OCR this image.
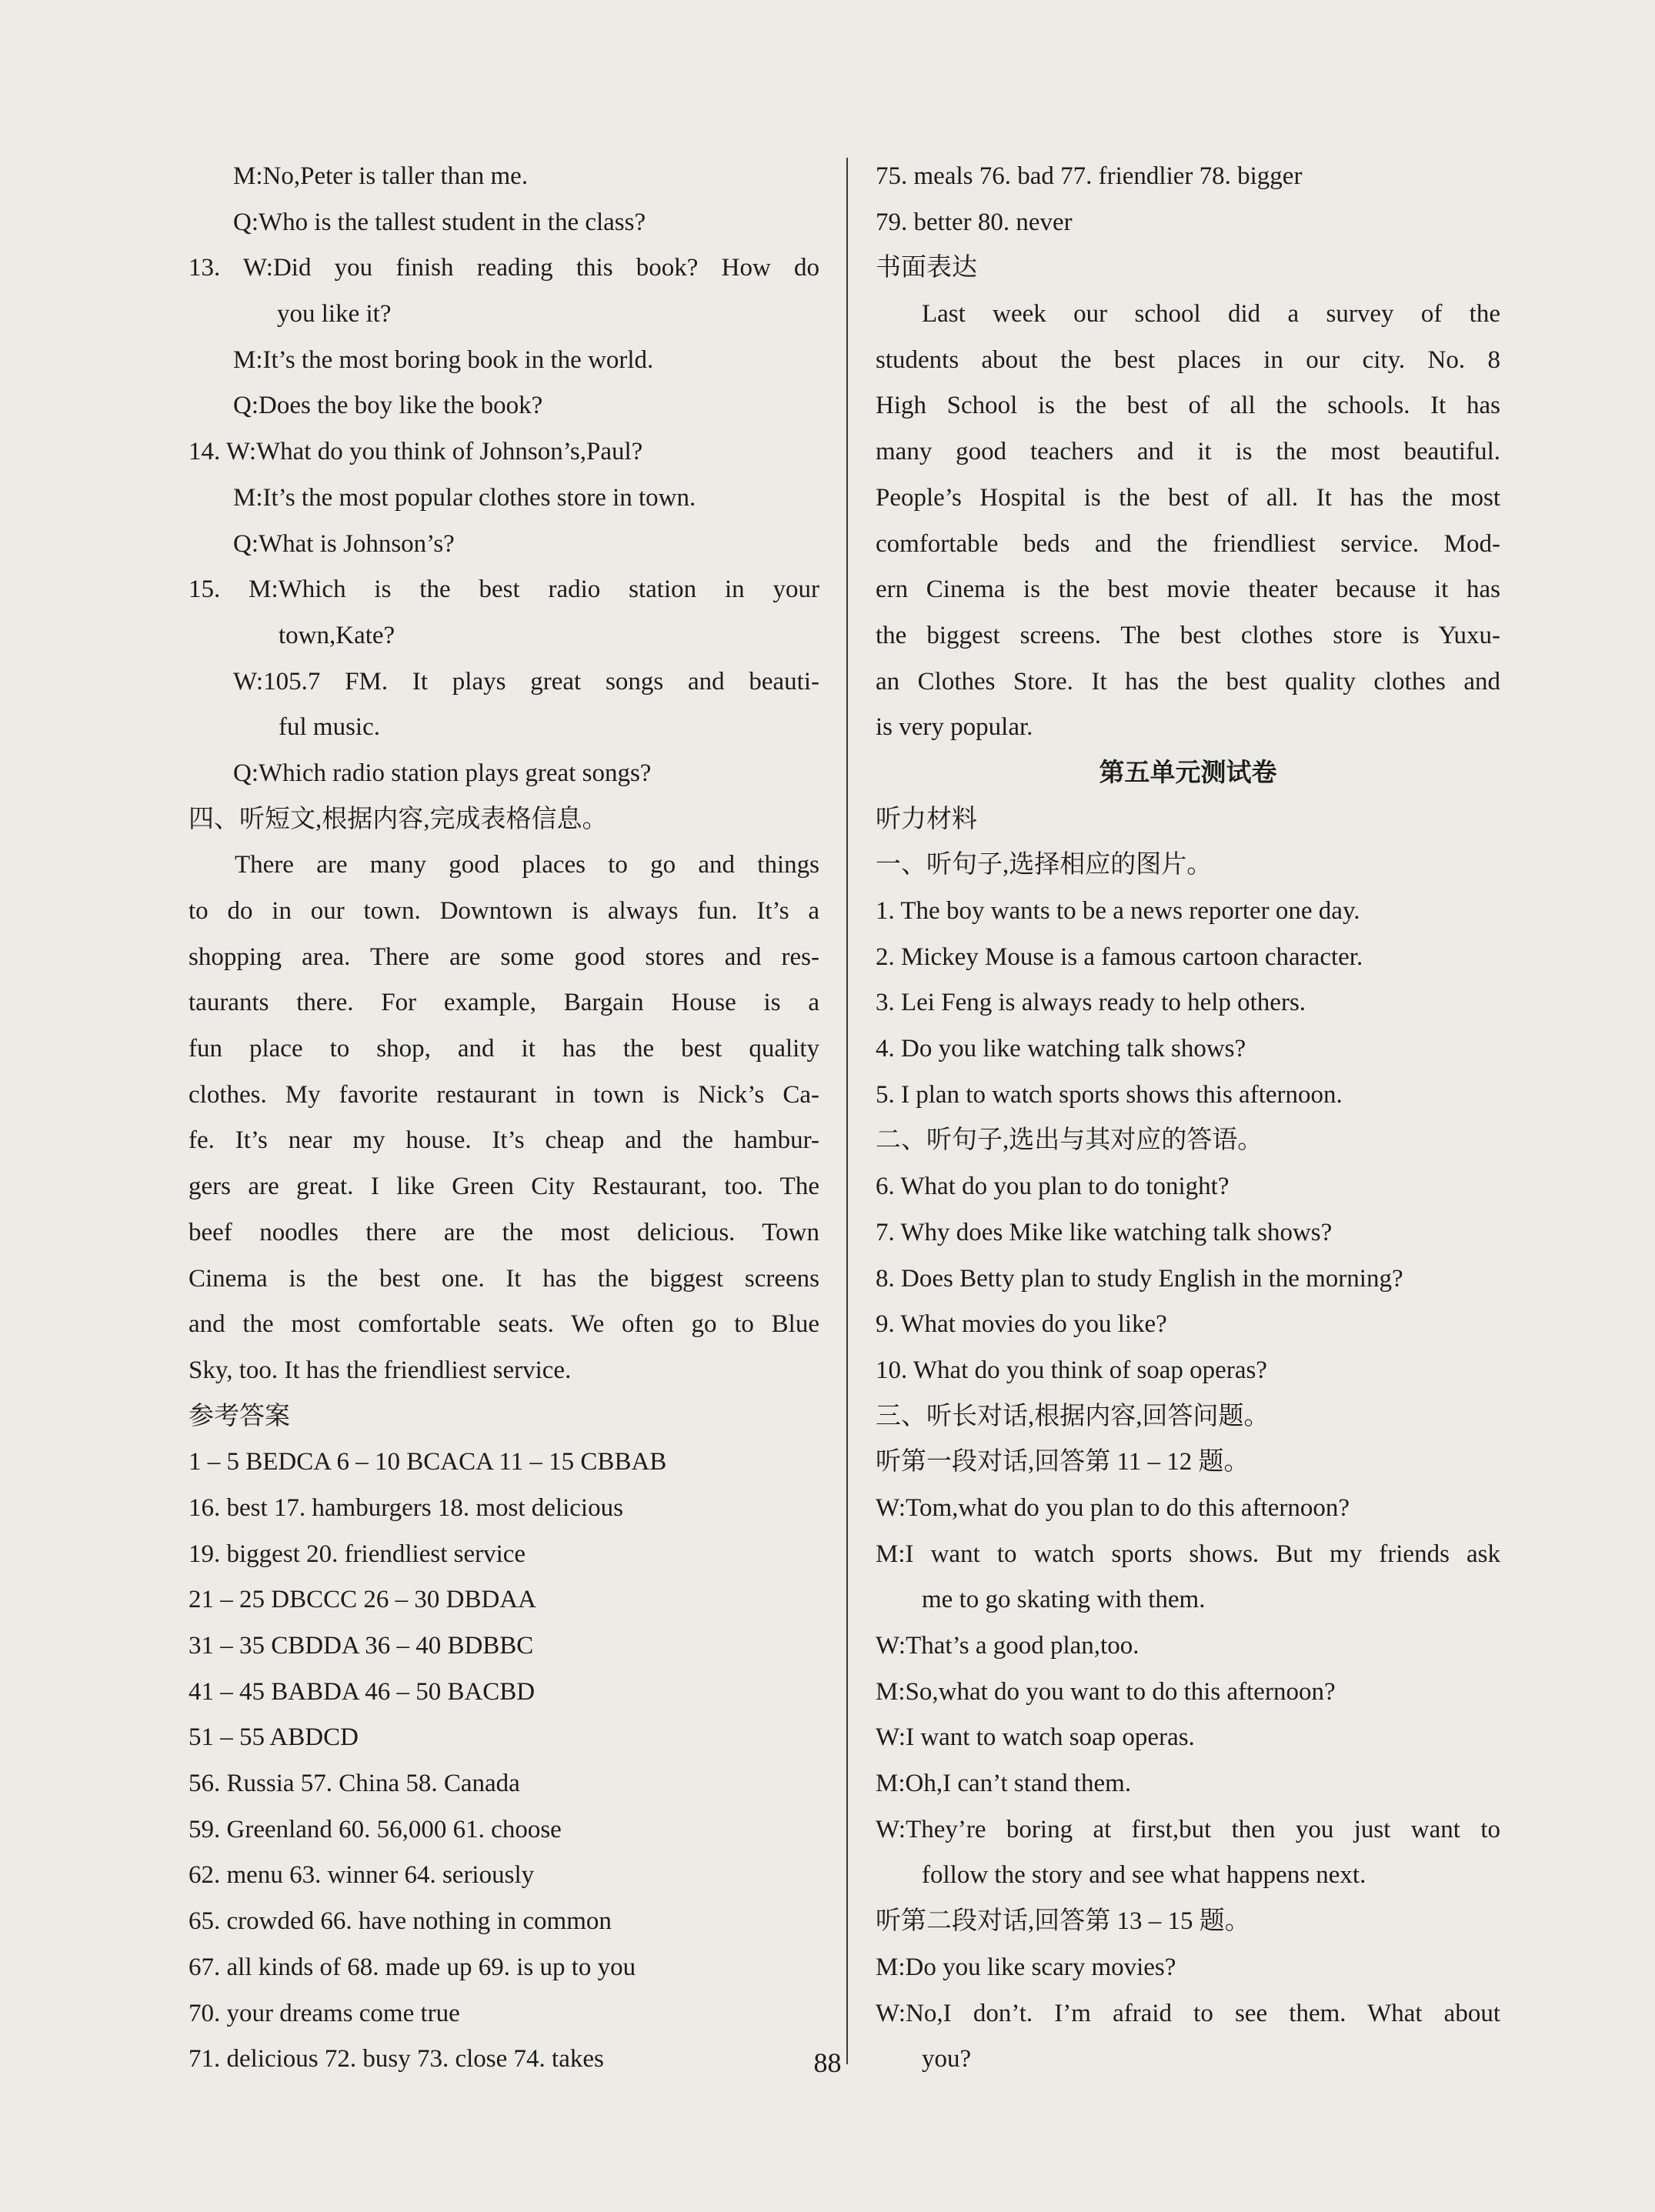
M:No,Peter is taller than me.
Q:Who is the tallest student in the class?
13. W:Did you finish reading this book? How do
you like it?
M:It’s the most boring book in the world.
Q:Does the boy like the book?
14. W:What do you think of Johnson’s,Paul?
M:It’s the most popular clothes store in town.
Q:What is Johnson’s?
15. M:Which is the best radio station in your
town,Kate?
W:105.7 FM. It plays great songs and beauti-
ful music.
Q:Which radio station plays great songs?
四、听短文,根据内容,完成表格信息。
There are many good places to go and things
to do in our town. Downtown is always fun. It’s a
shopping area. There are some good stores and res-
taurants there. For example, Bargain House is a
fun place to shop, and it has the best quality
clothes. My favorite restaurant in town is Nick’s Ca-
fe. It’s near my house. It’s cheap and the hambur-
gers are great. I like Green City Restaurant, too. The
beef noodles there are the most delicious. Town
Cinema is the best one. It has the biggest screens
and the most comfortable seats. We often go to Blue
Sky, too. It has the friendliest service.
参考答案
1 – 5 BEDCA 6 – 10 BCACA 11 – 15 CBBAB
16. best 17. hamburgers 18. most delicious
19. biggest 20. friendliest service
21 – 25 DBCCC 26 – 30 DBDAA
31 – 35 CBDDA 36 – 40 BDBBC
41 – 45 BABDA 46 – 50 BACBD
51 – 55 ABDCD
56. Russia 57. China 58. Canada
59. Greenland 60. 56,000 61. choose
62. menu 63. winner 64. seriously
65. crowded 66. have nothing in common
67. all kinds of 68. made up 69. is up to you
70. your dreams come true
71. delicious 72. busy 73. close 74. takes
75. meals 76. bad 77. friendlier 78. bigger
79. better 80. never
书面表达
Last week our school did a survey of the
students about the best places in our city. No. 8
High School is the best of all the schools. It has
many good teachers and it is the most beautiful.
People’s Hospital is the best of all. It has the most
comfortable beds and the friendliest service. Mod-
ern Cinema is the best movie theater because it has
the biggest screens. The best clothes store is Yuxu-
an Clothes Store. It has the best quality clothes and
is very popular.
第五单元测试卷
听力材料
一、听句子,选择相应的图片。
1. The boy wants to be a news reporter one day.
2. Mickey Mouse is a famous cartoon character.
3. Lei Feng is always ready to help others.
4. Do you like watching talk shows?
5. I plan to watch sports shows this afternoon.
二、听句子,选出与其对应的答语。
6. What do you plan to do tonight?
7. Why does Mike like watching talk shows?
8. Does Betty plan to study English in the morning?
9. What movies do you like?
10. What do you think of soap operas?
三、听长对话,根据内容,回答问题。
听第一段对话,回答第 11 – 12 题。
W:Tom,what do you plan to do this afternoon?
M:I want to watch sports shows. But my friends ask
me to go skating with them.
W:That’s a good plan,too.
M:So,what do you want to do this afternoon?
W:I want to watch soap operas.
M:Oh,I can’t stand them.
W:They’re boring at first,but then you just want to
follow the story and see what happens next.
听第二段对话,回答第 13 – 15 题。
M:Do you like scary movies?
W:No,I don’t. I’m afraid to see them. What about
you?
88
